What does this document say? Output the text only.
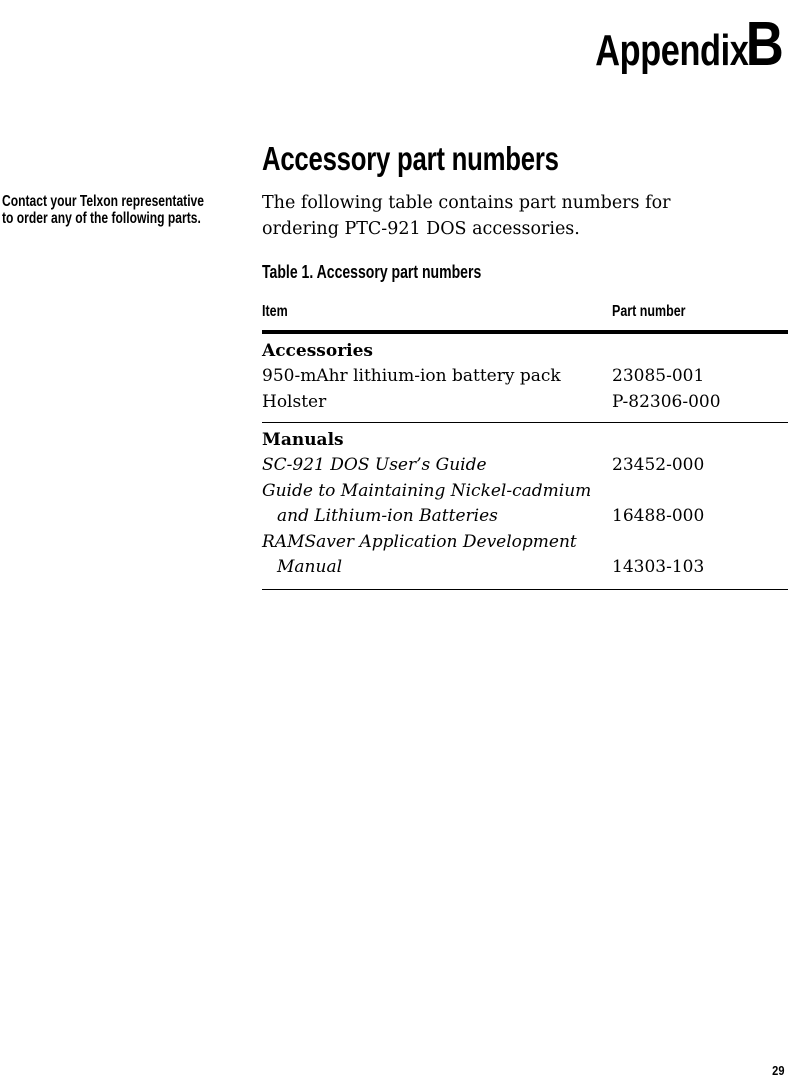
Appendix B
Contact your Telxon representative
to order any of the following parts.
Accessory part numbers
The following table contains part numbers for
ordering PTC-921 DOS accessories.
Table 1. Accessory part numbers
Item	Part number
Accessories
950-mAhr lithium-ion battery pack	23085-001
Holster	P-82306-000
Manuals
SC-921 DOS User’s Guide	23452-000
Guide to Maintaining Nickel-cadmium
and Lithium-ion Batteries	16488-000
RAMSaver Application Development
Manual	14303-103
29
